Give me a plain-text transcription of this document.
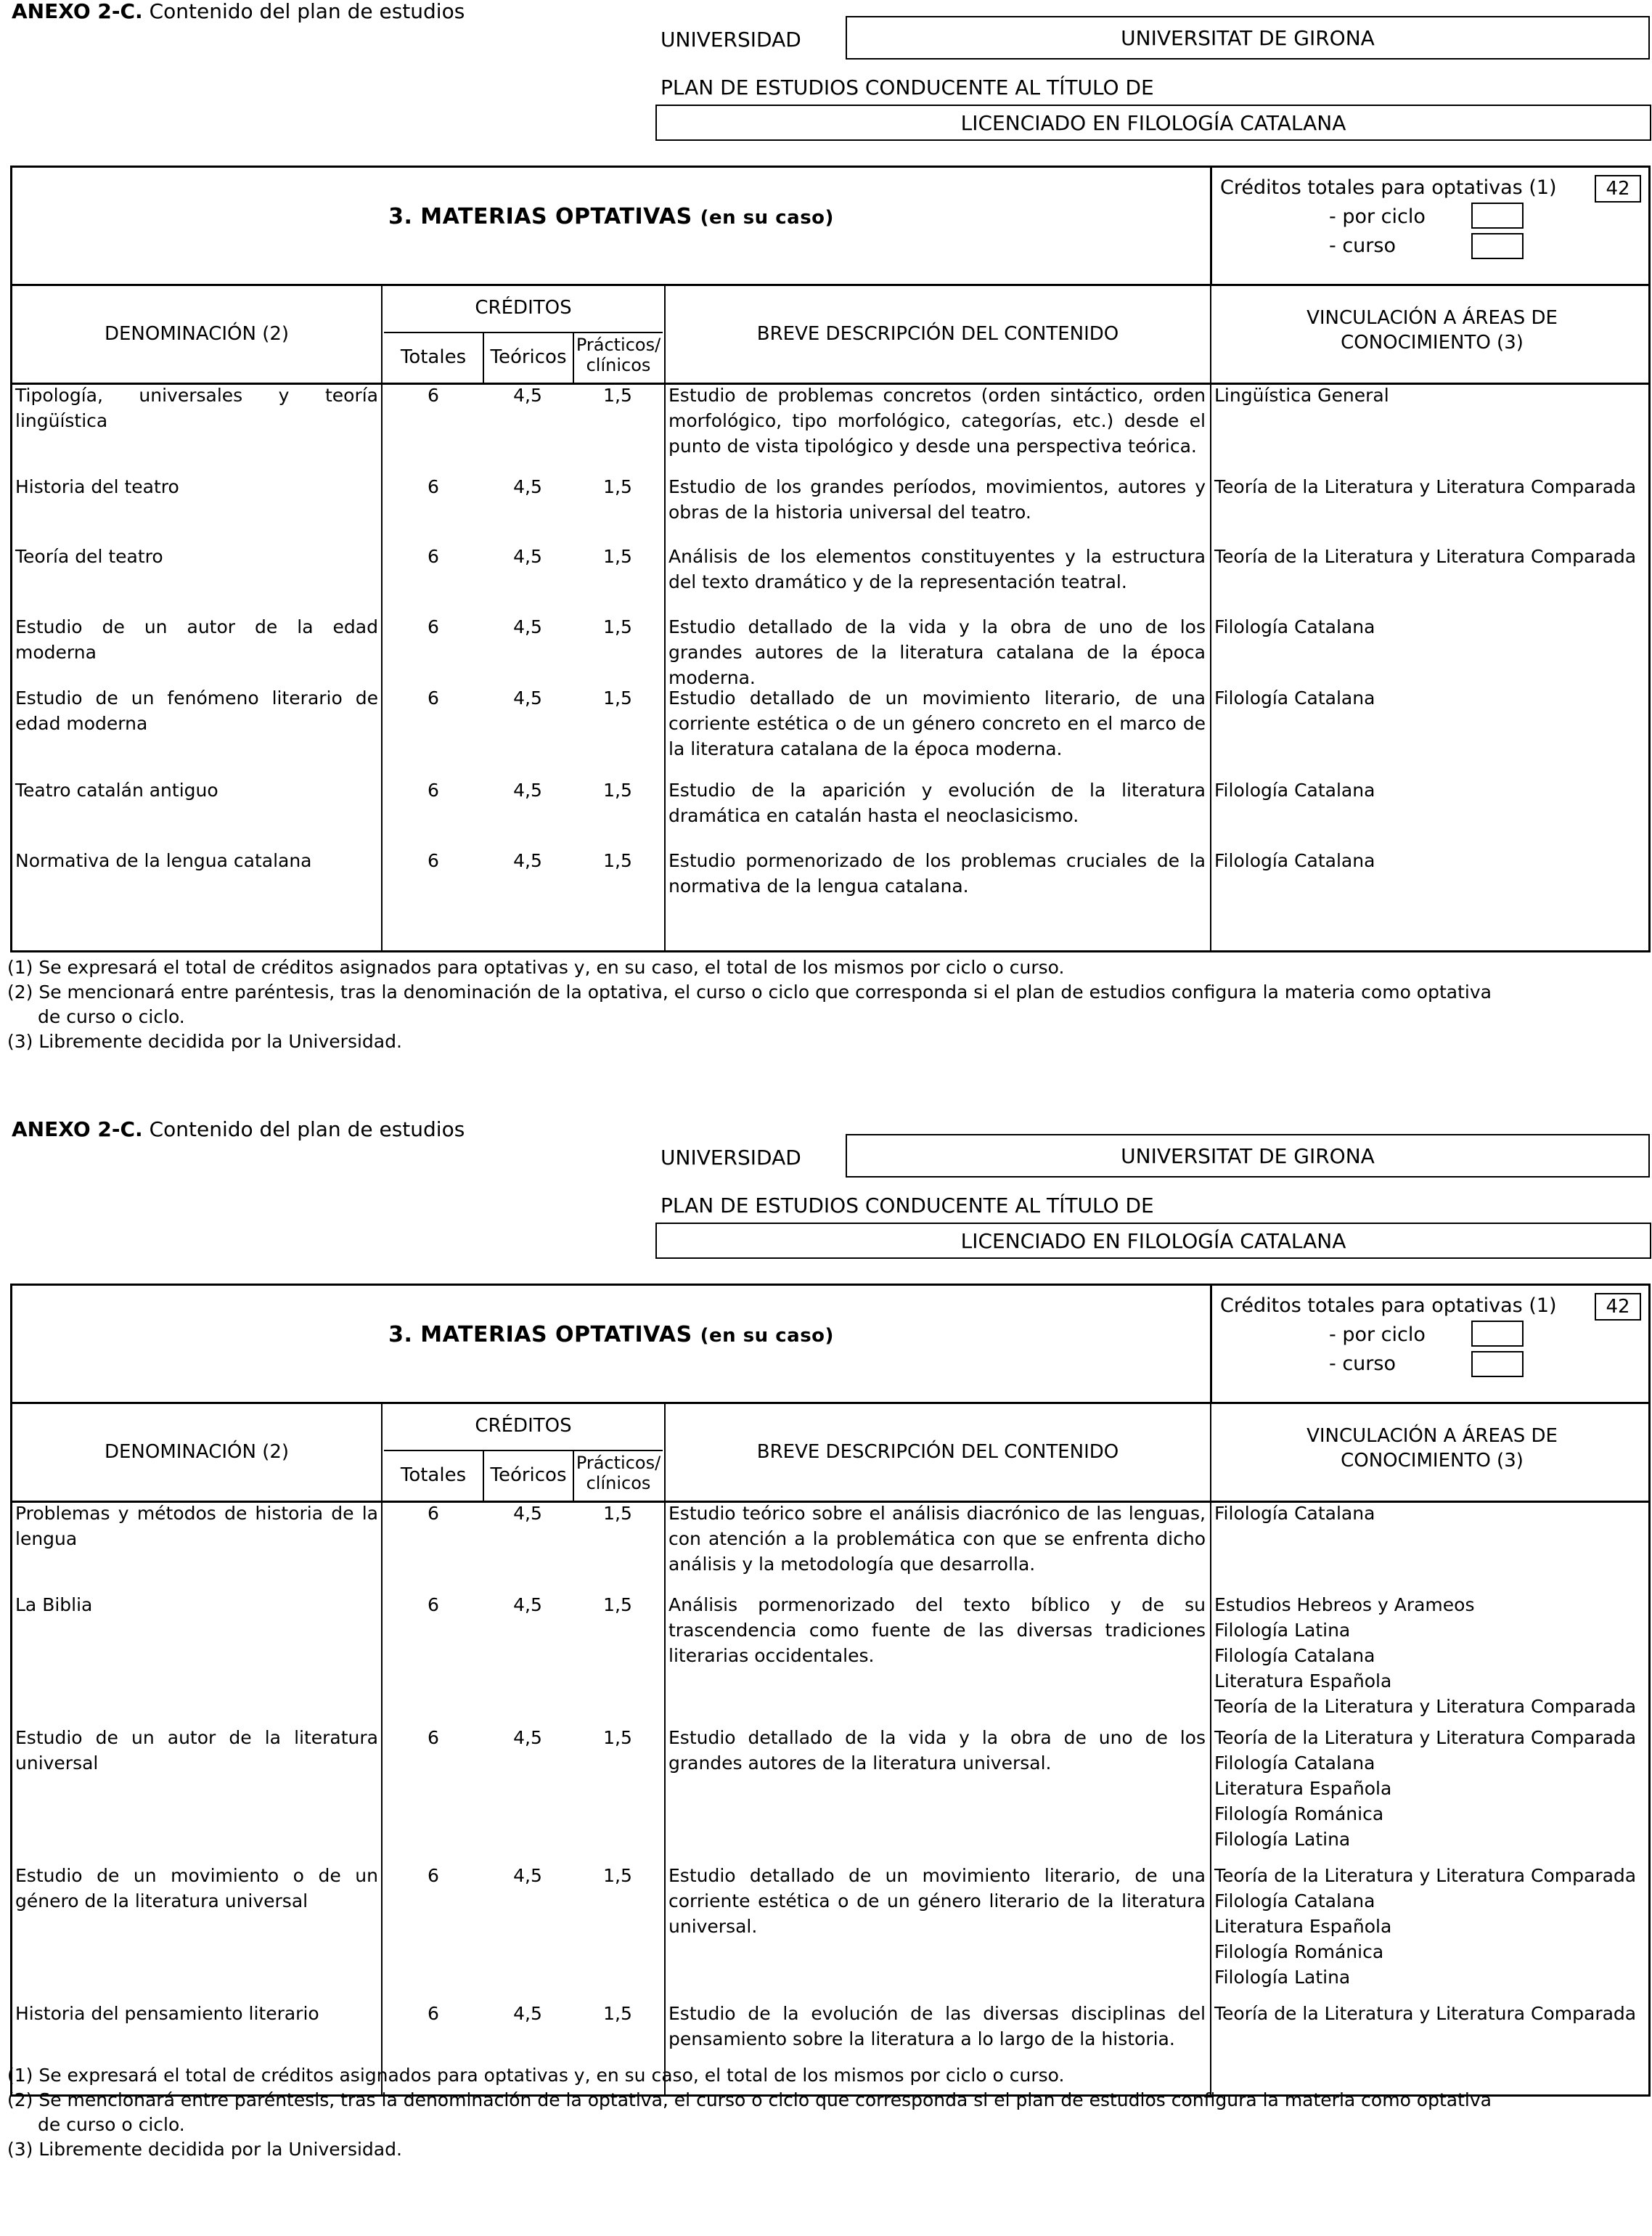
ANEXO 2-C. Contenido del plan de estudios
UNIVERSIDAD	UNIVERSITAT DE GIRONA
PLAN DE ESTUDIOS CONDUCENTE AL TÍTULO DE
LICENCIADO EN FILOLOGÍA CATALANA
3. MATERIAS OPTATIVAS (en su caso)
Créditos totales para optativas (1)
- por ciclo
- curso
42
DENOMINACIÓN (2)
CRÉDITOS
Totales	Teóricos
Prácticos/
clínicos
BREVE DESCRIPCIÓN DEL CONTENIDO
VINCULACIÓN A ÁREAS DE
CONOCIMIENTO (3)
Tipología, universales y teoría lingüística
6	4,5	1,5	Estudio de problemas concretos (orden sintáctico, orden morfológico, tipo morfológico, categorías, etc.) desde el punto de vista tipológico y desde una perspectiva teórica.
Lingüística General
Historia del teatro	6	4,5	1,5	Estudio de los grandes períodos, movimientos, autores y obras de la historia universal del teatro.
Teoría de la Literatura y Literatura Comparada
Teoría del teatro	6	4,5	1,5	Análisis de los elementos constituyentes y la estructura del texto dramático y de la representación teatral.
Teoría de la Literatura y Literatura Comparada
Estudio de un autor de la edad moderna
6	4,5	1,5	Estudio detallado de la vida y la obra de uno de los grandes autores de la literatura catalana de la época moderna.
Filología Catalana
Estudio de un fenómeno literario de edad moderna
6	4,5	1,5	Estudio detallado de un movimiento literario, de una corriente estética o de un género concreto en el marco de la literatura catalana de la época moderna.
Filología Catalana
Teatro catalán antiguo	6	4,5	1,5	Estudio de la aparición y evolución de la literatura dramática en catalán hasta el neoclasicismo.
Filología Catalana
Normativa de la lengua catalana	6	4,5	1,5	Estudio pormenorizado de los problemas cruciales de la normativa de la lengua catalana.
Filología Catalana
(1) Se expresará el total de créditos asignados para optativas y, en su caso, el total de los mismos por ciclo o curso.
(2) Se mencionará entre paréntesis, tras la denominación de la optativa, el curso o ciclo que corresponda si el plan de estudios configura la materia como optativa
de curso o ciclo.
(3) Libremente decidida por la Universidad.
ANEXO 2-C. Contenido del plan de estudios
UNIVERSIDAD	UNIVERSITAT DE GIRONA
PLAN DE ESTUDIOS CONDUCENTE AL TÍTULO DE
LICENCIADO EN FILOLOGÍA CATALANA
3. MATERIAS OPTATIVAS (en su caso)
Créditos totales para optativas (1)
- por ciclo
- curso
42
DENOMINACIÓN (2)
CRÉDITOS
Totales	Teóricos
Prácticos/
clínicos
BREVE DESCRIPCIÓN DEL CONTENIDO
VINCULACIÓN A ÁREAS DE
CONOCIMIENTO (3)
Problemas y métodos de historia de la lengua
6	4,5	1,5	Estudio teórico sobre el análisis diacrónico de las lenguas, con atención a la problemática con que se enfrenta dicho análisis y la metodología que desarrolla.
Filología Catalana
La Biblia	6	4,5	1,5	Análisis pormenorizado del texto bíblico y de su trascendencia como fuente de las diversas tradiciones literarias occidentales.
Estudios Hebreos y Arameos
Filología Latina
Filología Catalana
Literatura Española
Teoría de la Literatura y Literatura Comparada
Estudio de un autor de la literatura universal
6	4,5	1,5	Estudio detallado de la vida y la obra de uno de los grandes autores de la literatura universal.
Teoría de la Literatura y Literatura Comparada
Filología Catalana
Literatura Española
Filología Románica
Filología Latina
Estudio de un movimiento o de un género de la literatura universal
6	4,5	1,5	Estudio detallado de un movimiento literario, de una corriente estética o de un género literario de la literatura universal.
Teoría de la Literatura y Literatura Comparada
Filología Catalana
Literatura Española
Filología Románica
Filología Latina
Historia del pensamiento literario	6	4,5	1,5	Estudio de la evolución de las diversas disciplinas del pensamiento sobre la literatura a lo largo de la historia.
Teoría de la Literatura y Literatura Comparada
(1) Se expresará el total de créditos asignados para optativas y, en su caso, el total de los mismos por ciclo o curso.
(2) Se mencionará entre paréntesis, tras la denominación de la optativa, el curso o ciclo que corresponda si el plan de estudios configura la materia como optativa
de curso o ciclo.
(3) Libremente decidida por la Universidad.
